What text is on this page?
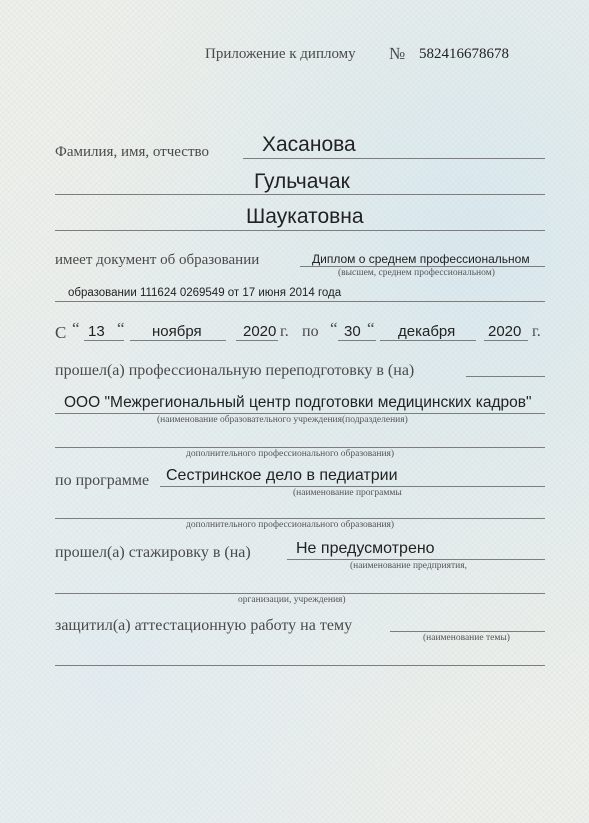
Приложение к диплому № 582416678678
Фамилия, имя, отчество	Хасанова
Гульчачак
Шаукатовна
имеет документ об образовании	Диплом о среднем профессиональном
(высшем, среднем профессиональном)
образовании 111624 0269549 от 17 июня 2014 года
С “ 13 “ ноября	2020 г. по “ 30 “ декабря 2020 г.
прошел(а) профессиональную переподготовку в (на)
ООО "Межрегиональный центр подготовки медицинских кадров"
(наименование образовательного учреждения(подразделения)
дополнительного профессионального образования)
по программе Сестринское дело в педиатрии
(наименование программы
дополнительного профессионального образования)
прошел(а) стажировку в (на)	Не предусмотрено
(наименование предприятия,
организации, учреждения)
защитил(а) аттестационную работу на тему
(наименование темы)
